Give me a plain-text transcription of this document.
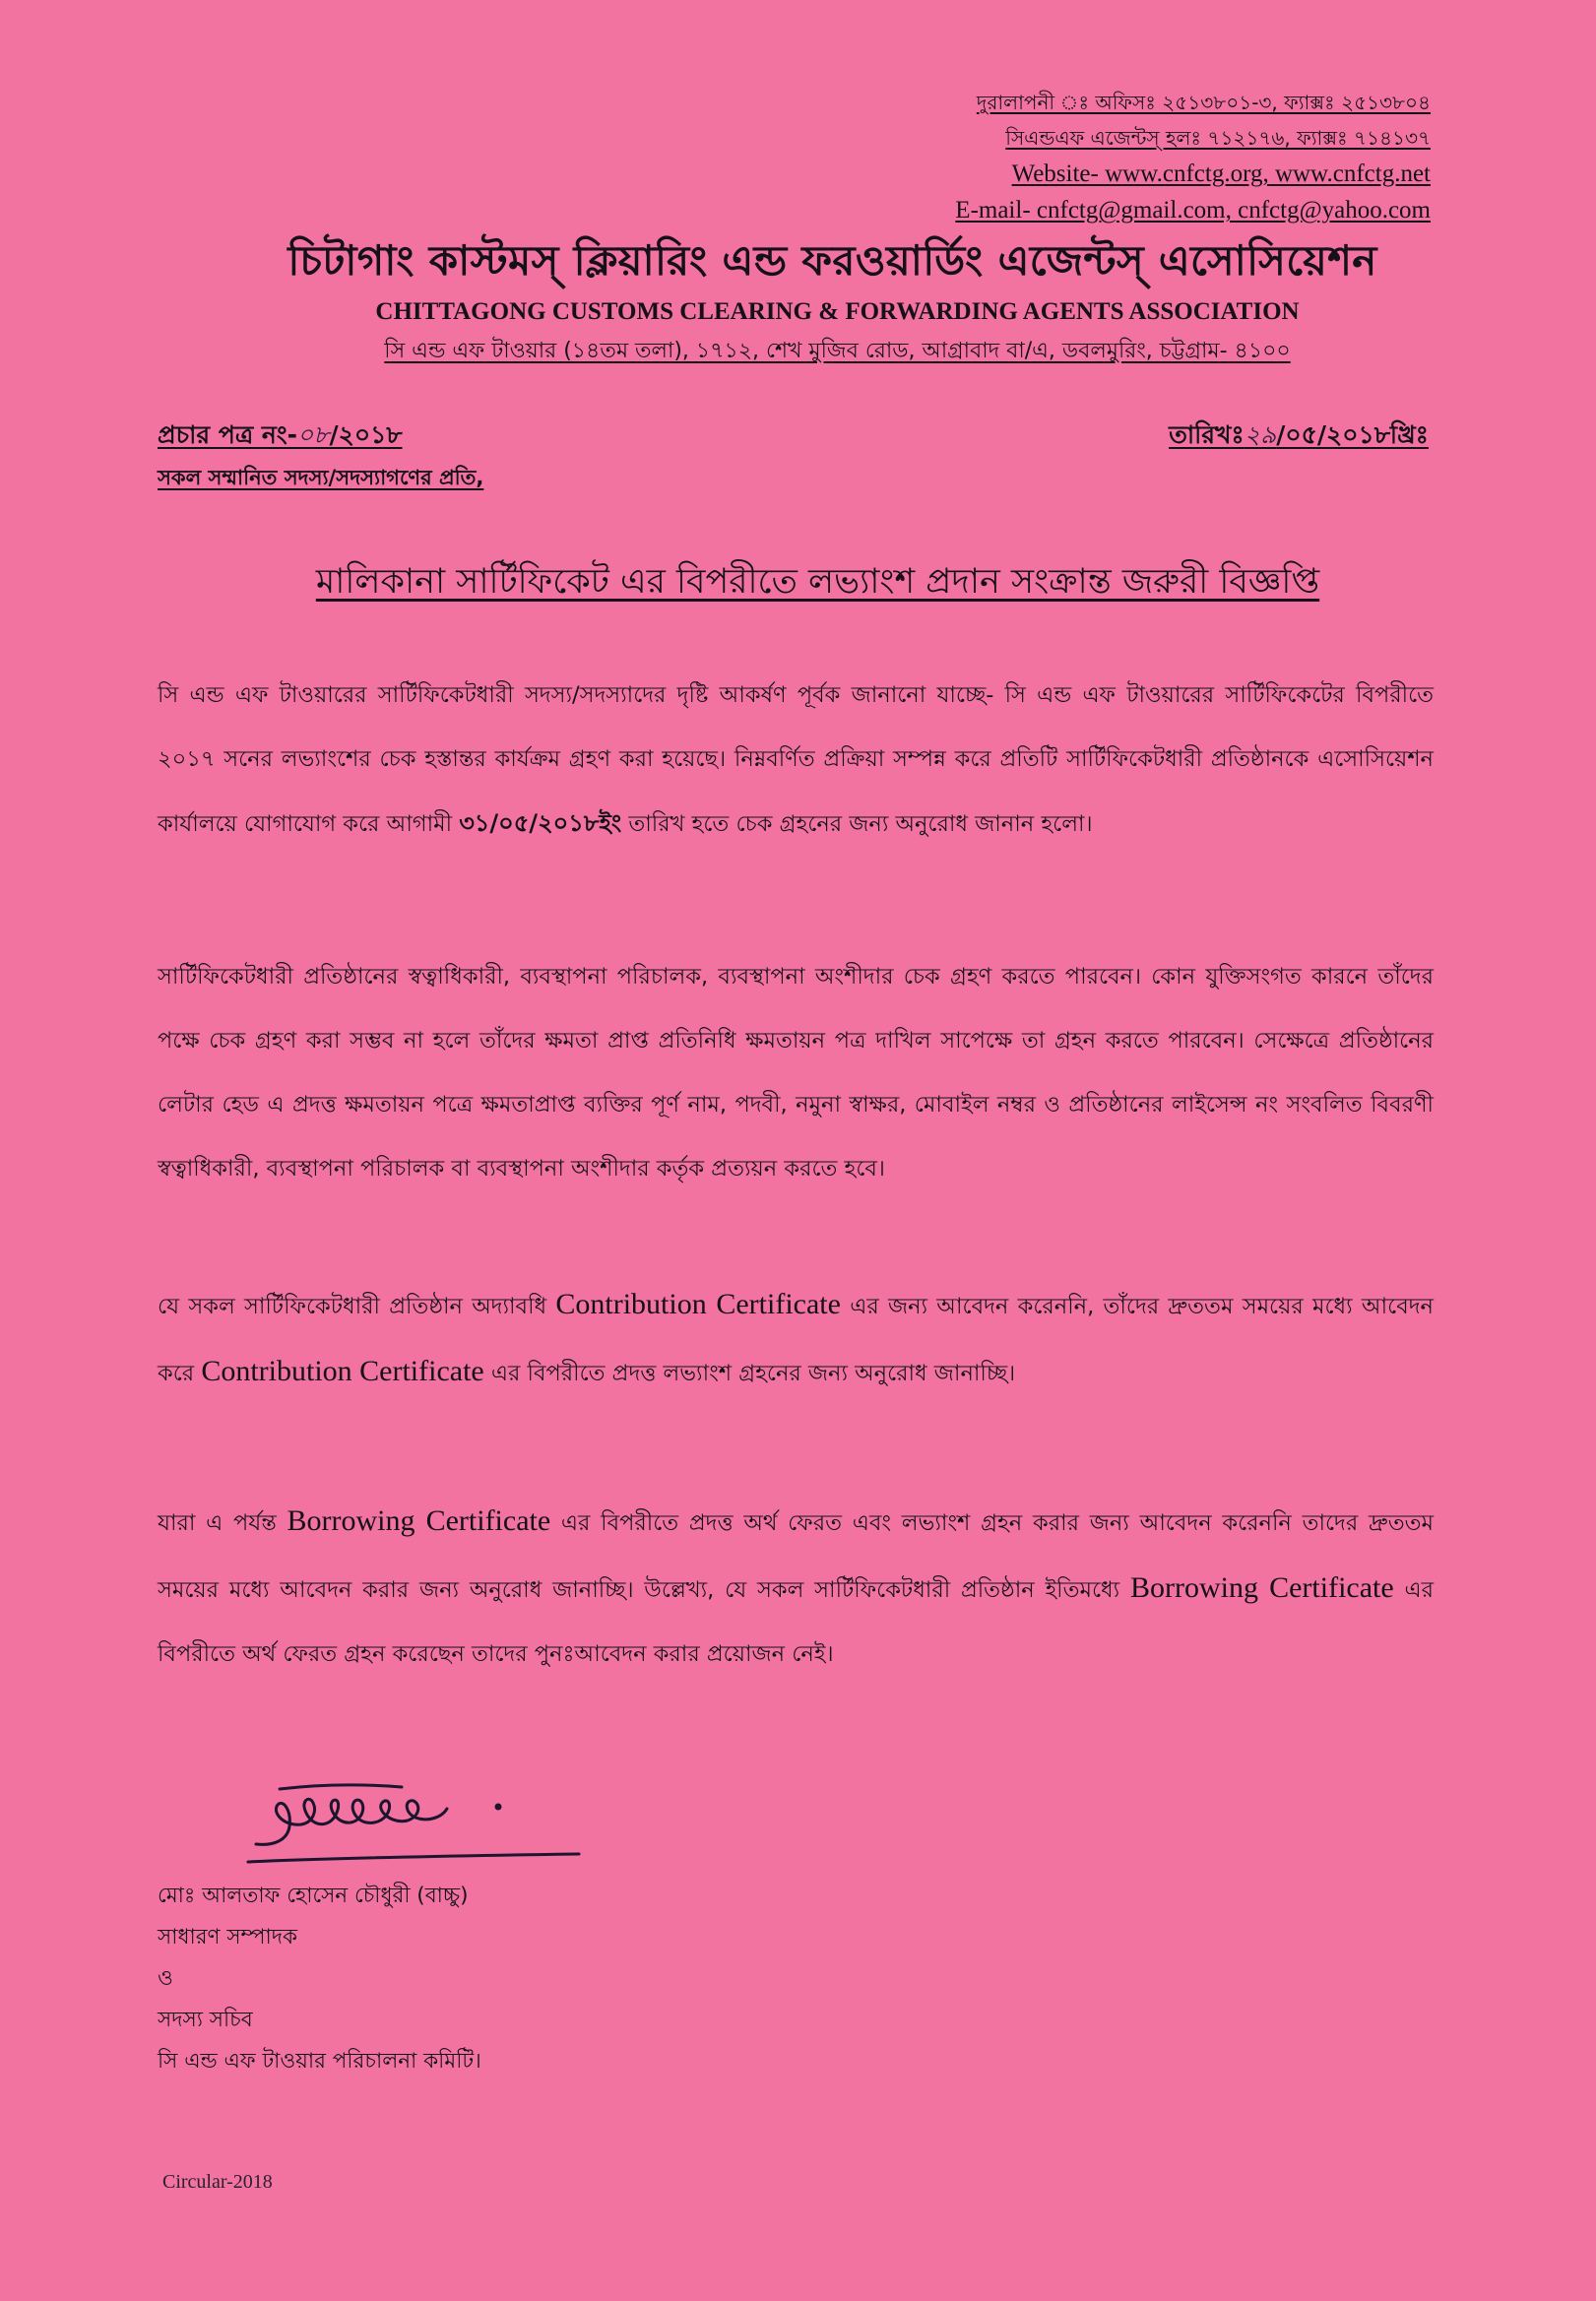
দুরালাপনী ঃ অফিসঃ ২৫১৩৮০১-৩, ফ্যাক্সঃ ২৫১৩৮০৪
সিএন্ডএফ এজেন্টস্ হলঃ ৭১২১৭৬, ফ্যাক্সঃ ৭১৪১৩৭
Website- www.cnfctg.org, www.cnfctg.net
E-mail- cnfctg@gmail.com, cnfctg@yahoo.com
চিটাগাং কাস্টমস্ ক্লিয়ারিং এন্ড ফরওয়ার্ডিং এজেন্টস্ এসোসিয়েশন
CHITTAGONG CUSTOMS CLEARING & FORWARDING AGENTS ASSOCIATION
সি এন্ড এফ টাওয়ার (১৪তম তলা), ১৭১২, শেখ মুজিব রোড, আগ্রাবাদ বা/এ, ডবলমুরিং, চট্টগ্রাম- ৪১০০
প্রচার পত্র নং-০৮/২০১৮	তারিখঃ২৯/০৫/২০১৮খ্রিঃ
সকল সম্মানিত সদস্য/সদস্যাগণের প্রতি,
মালিকানা সার্টিফিকেট এর বিপরীতে লভ্যাংশ প্রদান সংক্রান্ত জরুরী বিজ্ঞপ্তি
সি এন্ড এফ টাওয়ারের সার্টিফিকেটধারী সদস্য/সদস্যাদের দৃষ্টি আকর্ষণ পূর্বক জানানো যাচ্ছে- সি এন্ড এফ টাওয়ারের সার্টিফিকেটের বিপরীতে ২০১৭ সনের লভ্যাংশের চেক হস্তান্তর কার্যক্রম গ্রহণ করা হয়েছে। নিম্নবর্ণিত প্রক্রিয়া সম্পন্ন করে প্রতিটি সার্টিফিকেটধারী প্রতিষ্ঠানকে এসোসিয়েশন কার্যালয়ে যোগাযোগ করে আগামী ৩১/০৫/২০১৮ইং তারিখ হতে চেক গ্রহনের জন্য অনুরোধ জানান হলো।
সার্টিফিকেটধারী প্রতিষ্ঠানের স্বত্বাধিকারী, ব্যবস্থাপনা পরিচালক, ব্যবস্থাপনা অংশীদার চেক গ্রহণ করতে পারবেন। কোন যুক্তিসংগত কারনে তাঁদের পক্ষে চেক গ্রহণ করা সম্ভব না হলে তাঁদের ক্ষমতা প্রাপ্ত প্রতিনিধি ক্ষমতায়ন পত্র দাখিল সাপেক্ষে তা গ্রহন করতে পারবেন। সেক্ষেত্রে প্রতিষ্ঠানের লেটার হেড এ প্রদত্ত ক্ষমতায়ন পত্রে ক্ষমতাপ্রাপ্ত ব্যক্তির পূর্ণ নাম, পদবী, নমুনা স্বাক্ষর, মোবাইল নম্বর ও প্রতিষ্ঠানের লাইসেন্স নং সংবলিত বিবরণী স্বত্বাধিকারী, ব্যবস্থাপনা পরিচালক বা ব্যবস্থাপনা অংশীদার কর্তৃক প্রত্যয়ন করতে হবে।
যে সকল সার্টিফিকেটধারী প্রতিষ্ঠান অদ্যাবধি Contribution Certificate এর জন্য আবেদন করেননি, তাঁদের দ্রুততম সময়ের মধ্যে আবেদন করে Contribution Certificate এর বিপরীতে প্রদত্ত লভ্যাংশ গ্রহনের জন্য অনুরোধ জানাচ্ছি।
যারা এ পর্যন্ত Borrowing Certificate এর বিপরীতে প্রদত্ত অর্থ ফেরত এবং লভ্যাংশ গ্রহন করার জন্য আবেদন করেননি তাদের দ্রুততম সময়ের মধ্যে আবেদন করার জন্য অনুরোধ জানাচ্ছি। উল্লেখ্য, যে সকল সার্টিফিকেটধারী প্রতিষ্ঠান ইতিমধ্যে Borrowing Certificate এর বিপরীতে অর্থ ফেরত গ্রহন করেছেন তাদের পুনঃআবেদন করার প্রয়োজন নেই।
মোঃ আলতাফ হোসেন চৌধুরী (বাচ্চু)
সাধারণ সম্পাদক
ও
সদস্য সচিব
সি এন্ড এফ টাওয়ার পরিচালনা কমিটি।
Circular-2018
